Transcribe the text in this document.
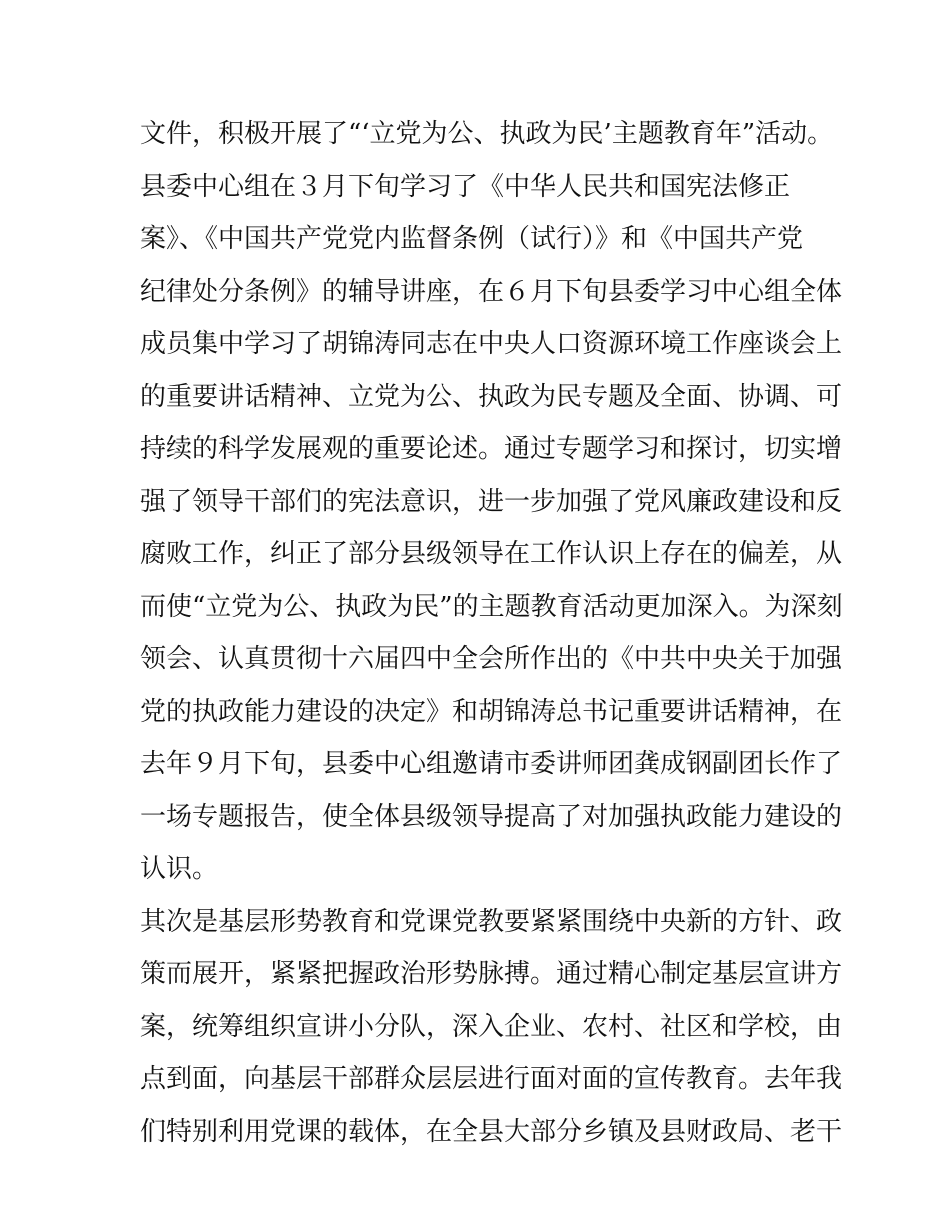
文件，积极开展了“‘立党为公、执政为民’主题教育年”活动。
县委中心组在３月下旬学习了《中华人民共和国宪法修正
案》、《中国共产党党内监督条例（试行）》和《中国共产党
纪律处分条例》的辅导讲座，在６月下旬县委学习中心组全体
成员集中学习了胡锦涛同志在中央人口资源环境工作座谈会上
的重要讲话精神、立党为公、执政为民专题及全面、协调、可
持续的科学发展观的重要论述。通过专题学习和探讨，切实增
强了领导干部们的宪法意识，进一步加强了党风廉政建设和反
腐败工作，纠正了部分县级领导在工作认识上存在的偏差，从
而使“立党为公、执政为民”的主题教育活动更加深入。为深刻
领会、认真贯彻十六届四中全会所作出的《中共中央关于加强
党的执政能力建设的决定》和胡锦涛总书记重要讲话精神，在
去年９月下旬，县委中心组邀请市委讲师团龚成钢副团长作了
一场专题报告，使全体县级领导提高了对加强执政能力建设的
认识。
其次是基层形势教育和党课党教要紧紧围绕中央新的方针、政
策而展开，紧紧把握政治形势脉搏。通过精心制定基层宣讲方
案，统筹组织宣讲小分队，深入企业、农村、社区和学校，由
点到面，向基层干部群众层层进行面对面的宣传教育。去年我
们特别利用党课的载体，在全县大部分乡镇及县财政局、老干
